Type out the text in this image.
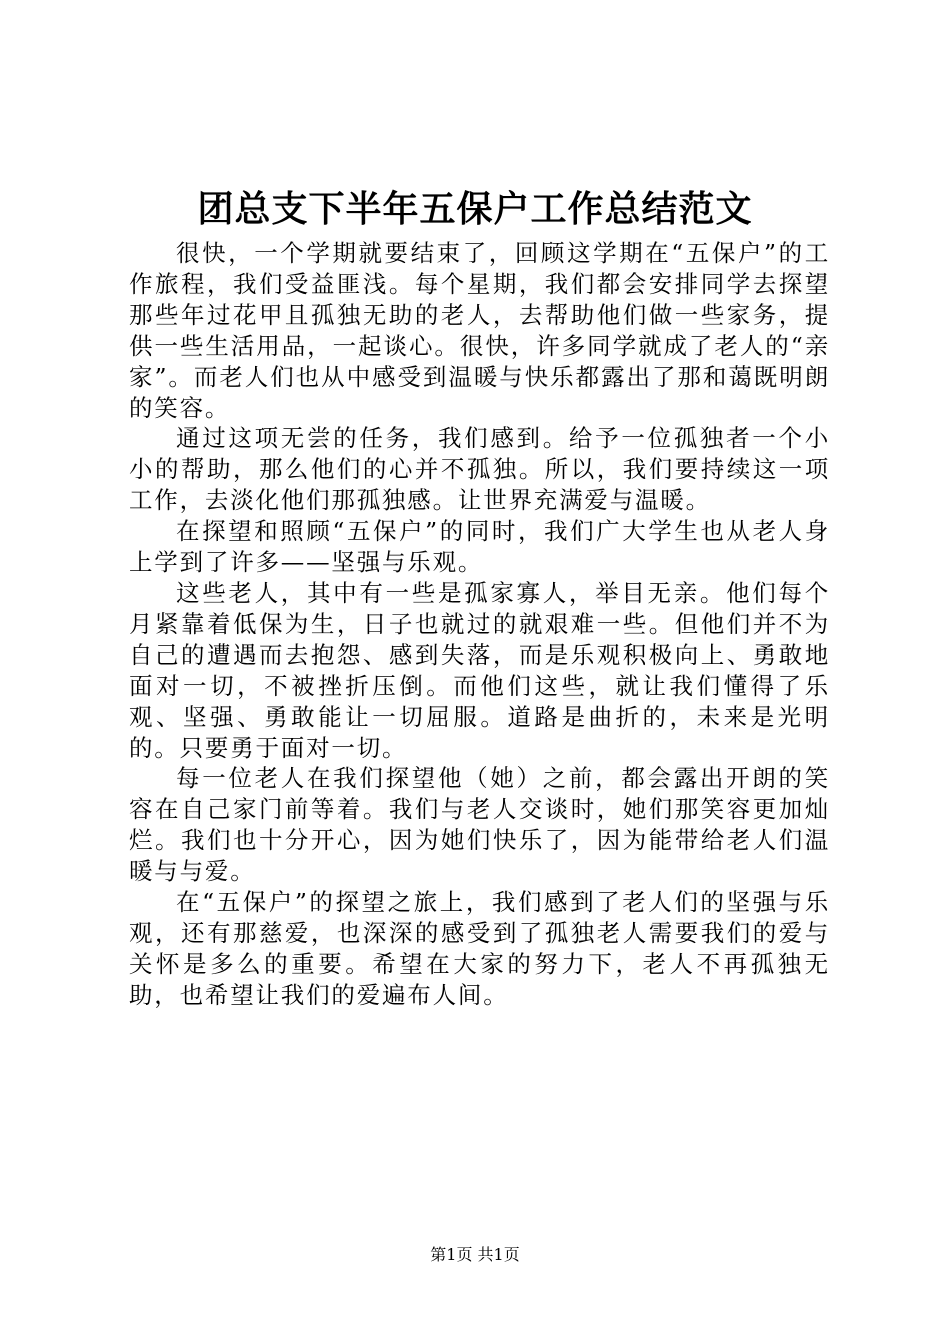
团总支下半年五保户工作总结范文

很快，一个学期就要结束了，回顾这学期在“五保户”的工作旅程，我们受益匪浅。每个星期，我们都会安排同学去探望那些年过花甲且孤独无助的老人，去帮助他们做一些家务，提供一些生活用品，一起谈心。很快，许多同学就成了老人的“亲家”。而老人们也从中感受到温暖与快乐都露出了那和蔼既明朗的笑容。

通过这项无尝的任务，我们感到。给予一位孤独者一个小小的帮助，那么他们的心并不孤独。所以，我们要持续这一项工作，去淡化他们那孤独感。让世界充满爱与温暖。

在探望和照顾“五保户”的同时，我们广大学生也从老人身上学到了许多——坚强与乐观。

这些老人，其中有一些是孤家寡人，举目无亲。他们每个月紧靠着低保为生，日子也就过的就艰难一些。但他们并不为自己的遭遇而去抱怨、感到失落，而是乐观积极向上、勇敢地面对一切，不被挫折压倒。而他们这些，就让我们懂得了乐观、坚强、勇敢能让一切屈服。道路是曲折的，未来是光明的。只要勇于面对一切。

每一位老人在我们探望他（她）之前，都会露出开朗的笑容在自己家门前等着。我们与老人交谈时，她们那笑容更加灿烂。我们也十分开心，因为她们快乐了，因为能带给老人们温暖与与爱。

在“五保户”的探望之旅上，我们感到了老人们的坚强与乐观，还有那慈爱，也深深的感受到了孤独老人需要我们的爱与关怀是多么的重要。希望在大家的努力下，老人不再孤独无助，也希望让我们的爱遍布人间。

第1页 共1页
